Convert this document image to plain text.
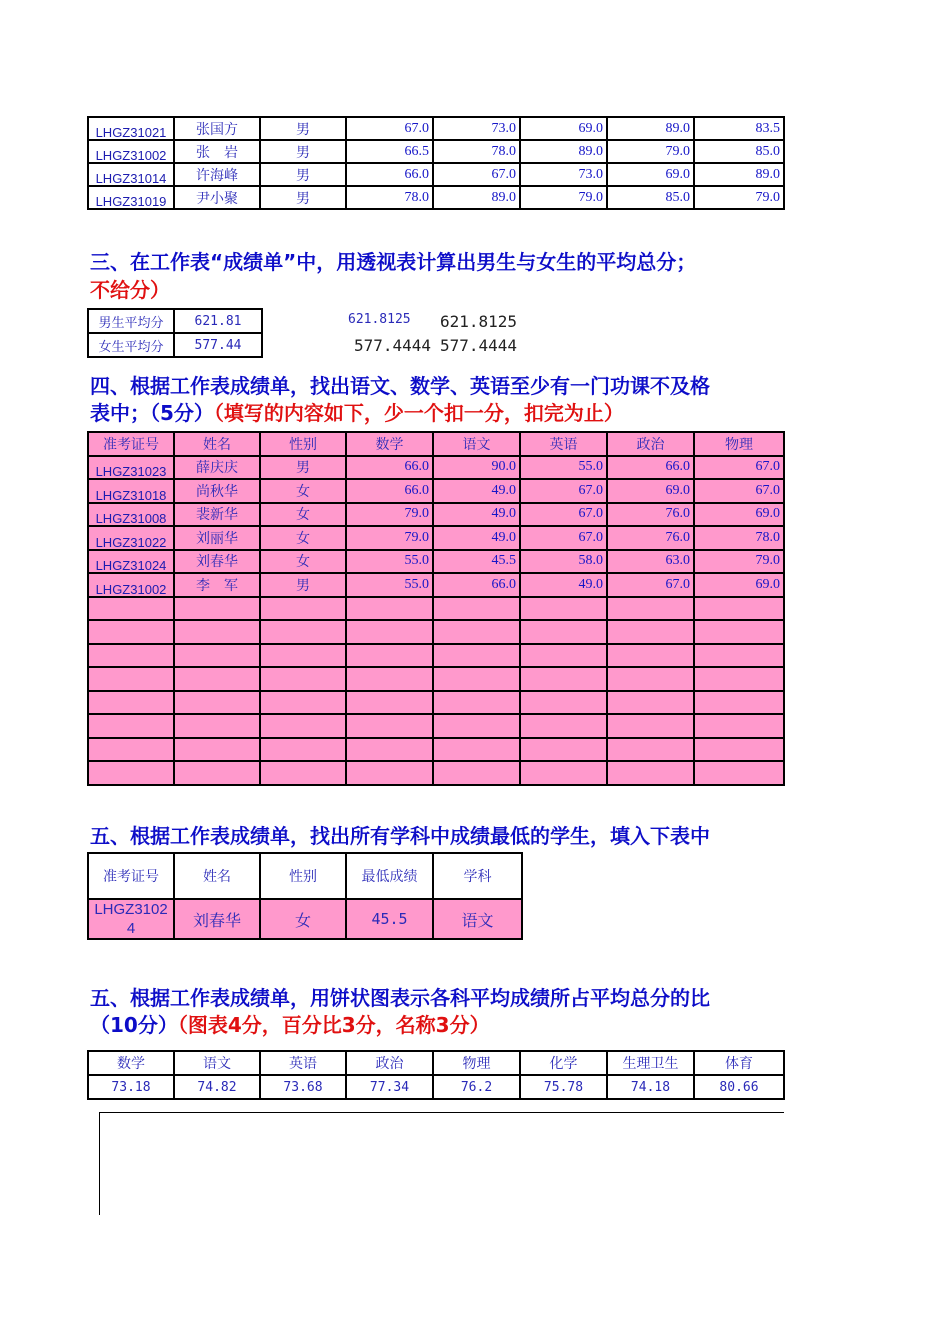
LHGZ31021	张国方	男	67.0	73.0	69.0	89.0	83.5
LHGZ31002	张　岩	男	66.5	78.0	89.0	79.0	85.0
LHGZ31014	许海峰	男	66.0	67.0	73.0	69.0	89.0
LHGZ31019	尹小聚	男	78.0	89.0	79.0	85.0	79.0
三、在工作表“成绩单”中，用透视表计算出男生与女生的平均总分；
不给分）
男生平均分	621.81
女生平均分	577.44
621.8125 621.8125
577.4444 577.4444
四、根据工作表成绩单，找出语文、数学、英语至少有一门功课不及格
表中；（5分）（填写的内容如下，少一个扣一分，扣完为止）
准考证号	姓名	性别	数学	语文	英语	政治	物理
LHGZ31023	薛庆庆	男	66.0	90.0	55.0	66.0	67.0
LHGZ31018	尚秋华	女	66.0	49.0	67.0	69.0	67.0
LHGZ31008	裴新华	女	79.0	49.0	67.0	76.0	69.0
LHGZ31022	刘丽华	女	79.0	49.0	67.0	76.0	78.0
LHGZ31024	刘春华	女	55.0	45.5	58.0	63.0	79.0
LHGZ31002	李　军	男	55.0	66.0	49.0	67.0	69.0

五、根据工作表成绩单，找出所有学科中成绩最低的学生，填入下表中
准考证号	姓名	性别	最低成绩	学科
LHGZ31024	刘春华	女	45.5	语文
五、根据工作表成绩单，用饼状图表示各科平均成绩所占平均总分的比
（10分）（图表4分，百分比3分，名称3分）
数学	语文	英语	政治	物理	化学	生理卫生	体育
73.18	74.82	73.68	77.34	76.2	75.78	74.18	80.66
